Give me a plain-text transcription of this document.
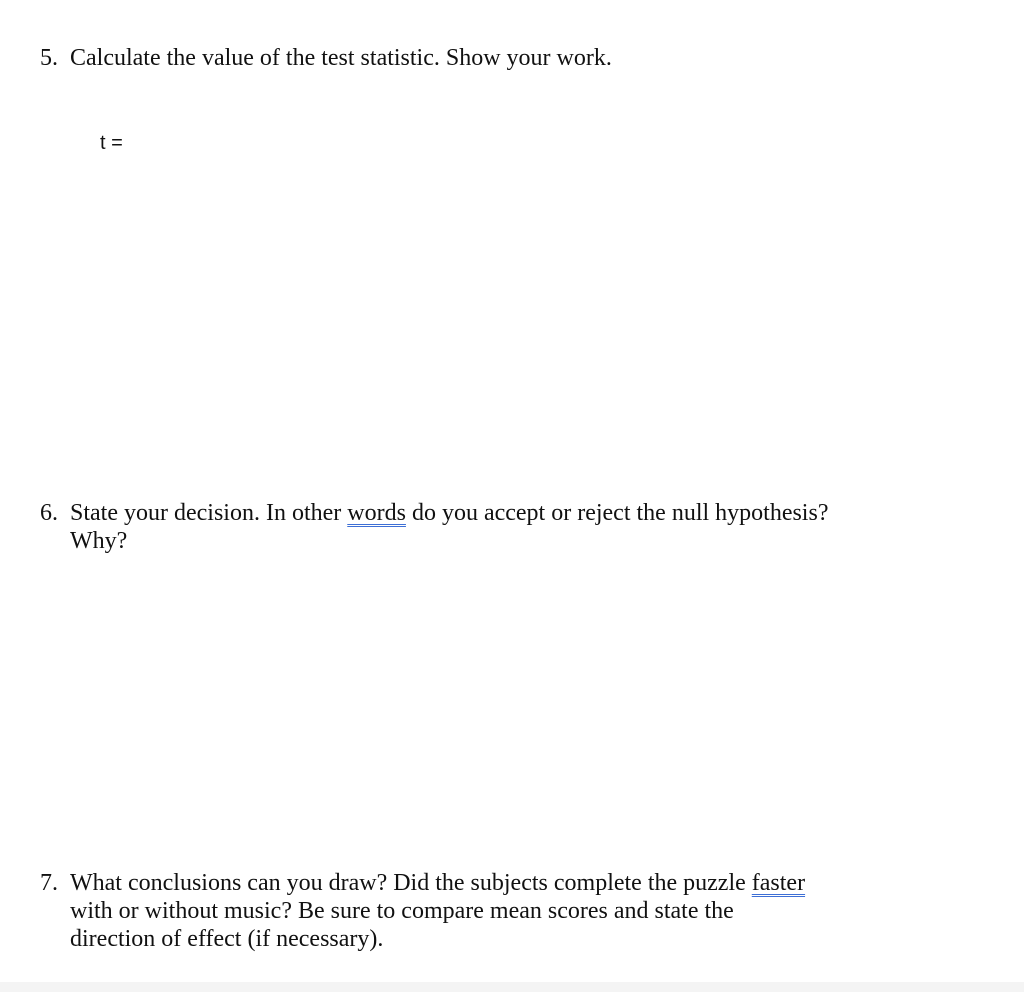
5. Calculate the value of the test statistic. Show your work.
t =
6. State your decision. In other words do you accept or reject the null hypothesis?
Why?
7. What conclusions can you draw? Did the subjects complete the puzzle faster
with or without music? Be sure to compare mean scores and state the
direction of effect (if necessary).
